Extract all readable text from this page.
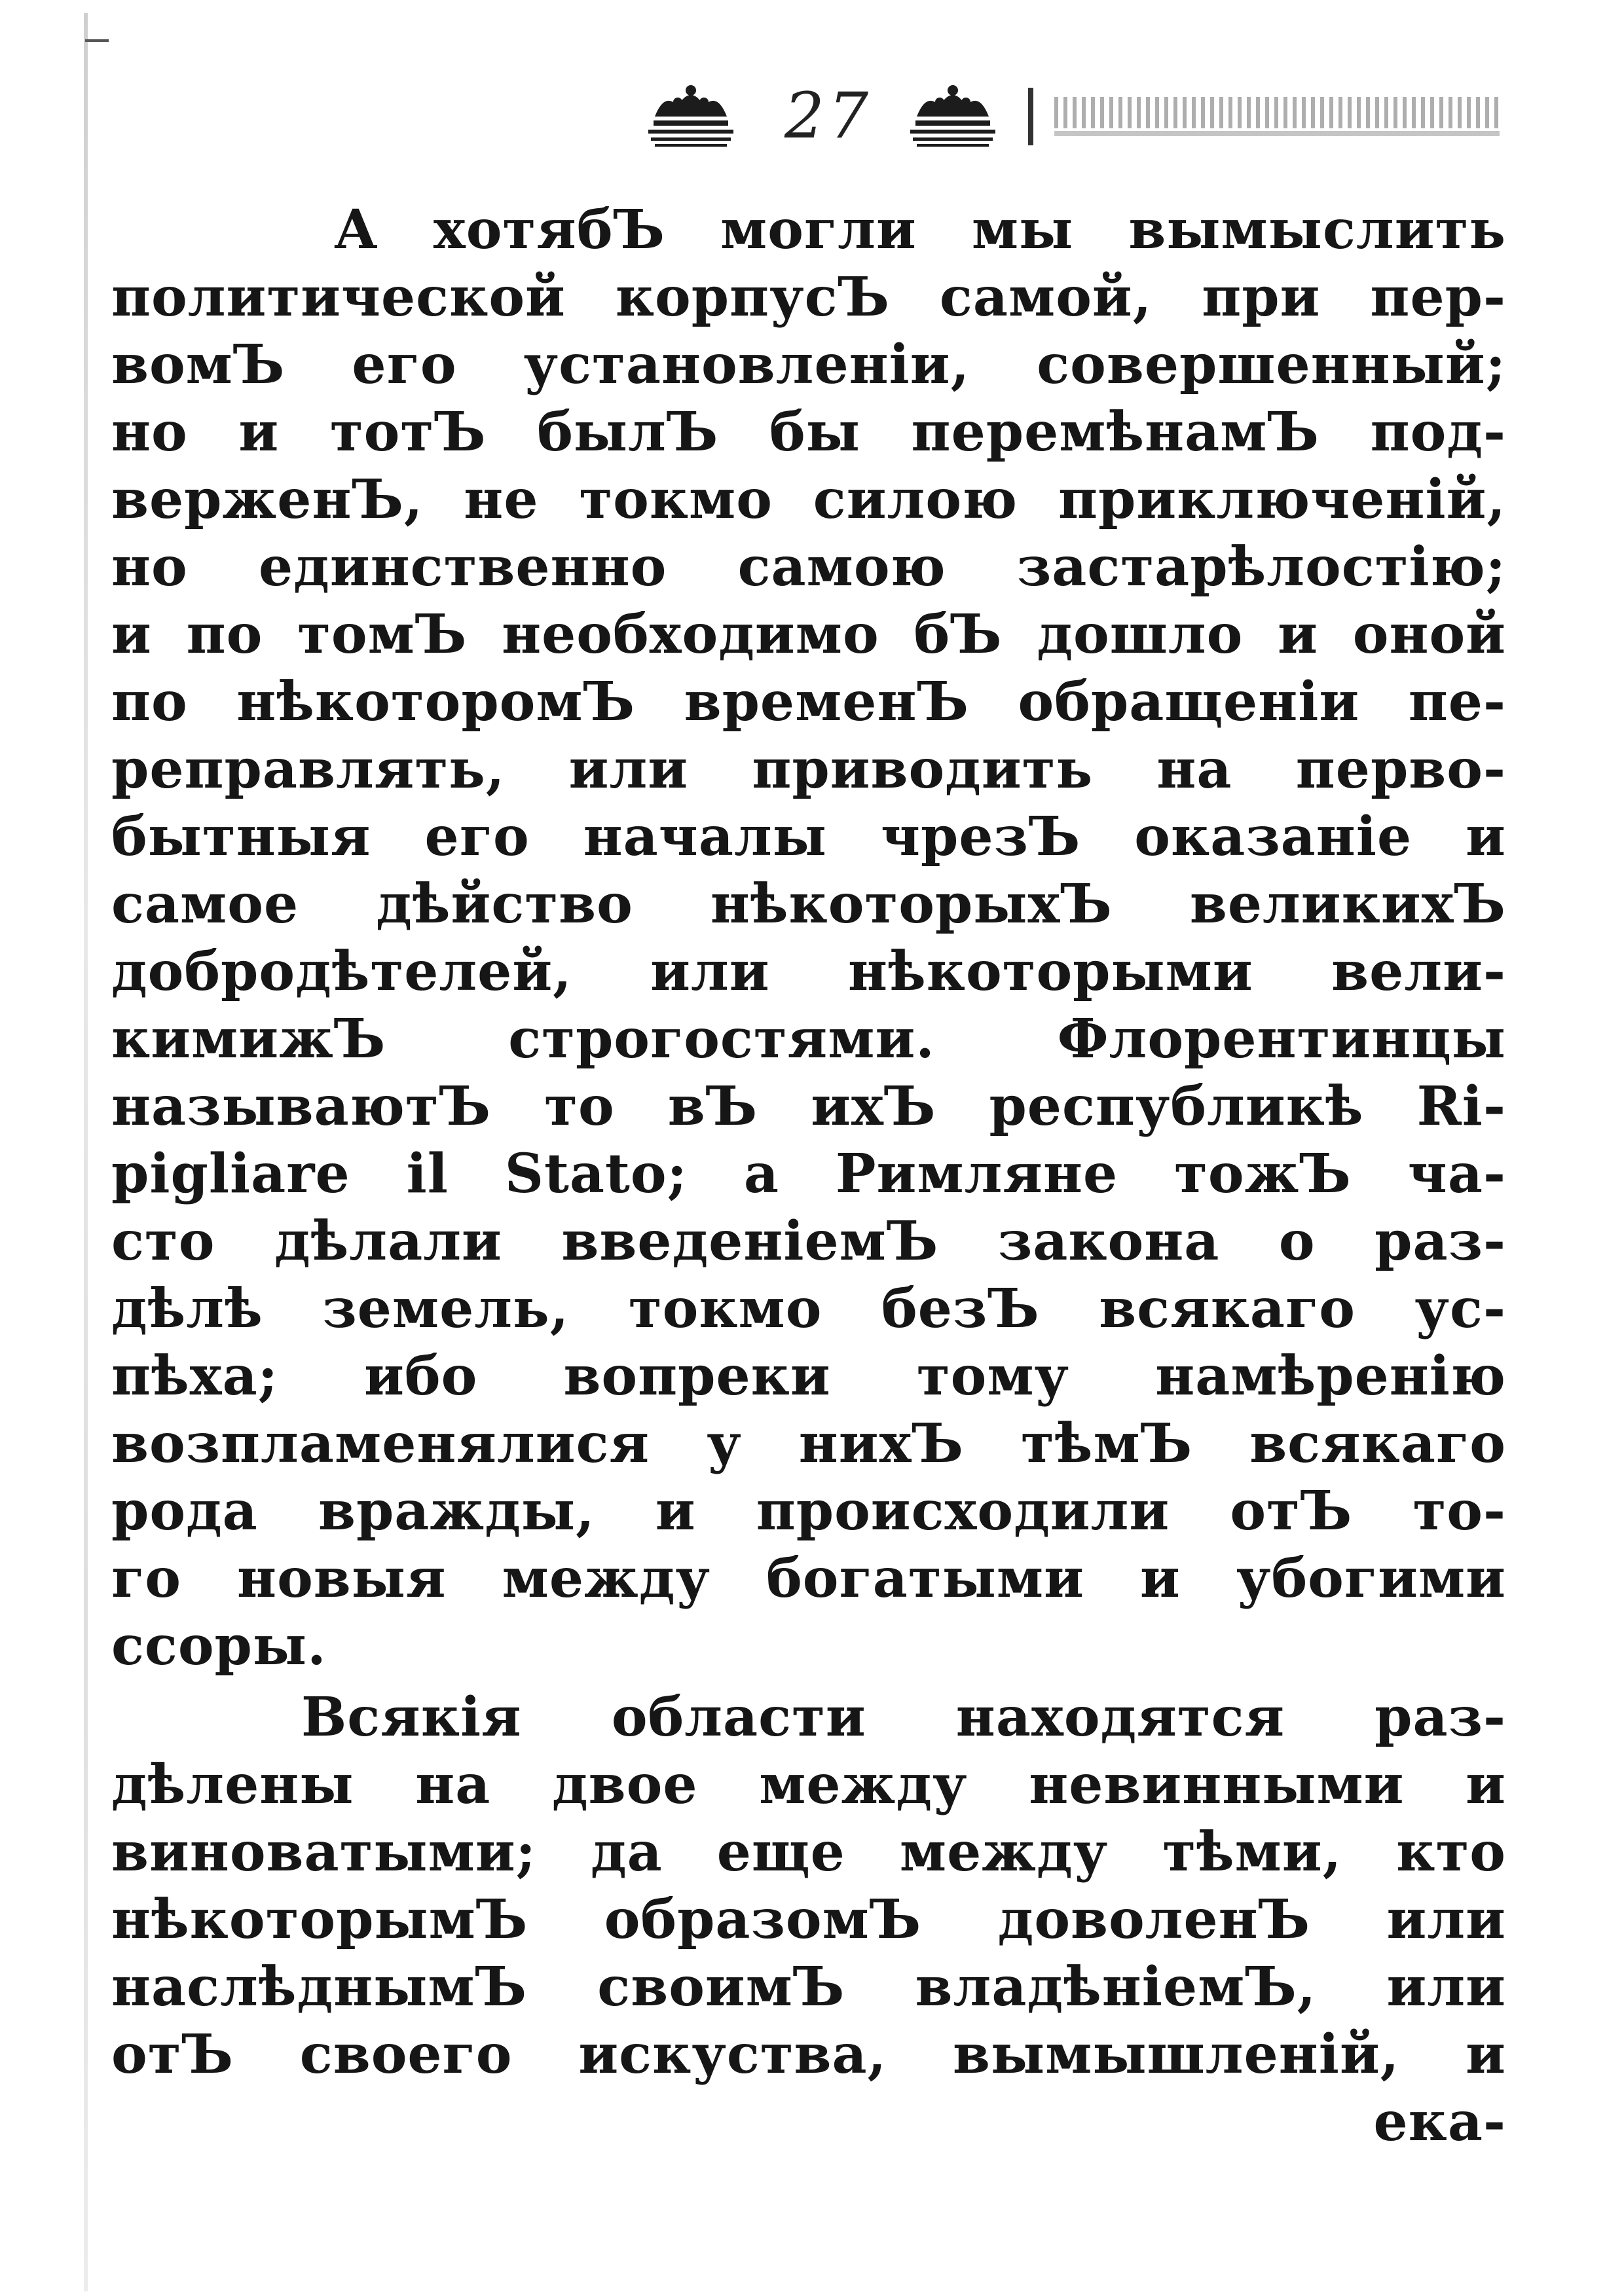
27
А хотябЪ могли мы вымыслить
политической корпусЪ самой, при пер-
вомЪ его установленіи, совершенный;
но и тотЪ былЪ бы перемѣнамЪ под-
верженЪ, не токмо силою приключеній,
но единственно самою застарѣлостію;
и по томЪ необходимо бЪ дошло и оной
по нѣкоторомЪ временЪ обращеніи пе-
реправлять, или приводить на перво-
бытныя его началы чрезЪ оказаніе и
самое дѣйство нѣкоторыхЪ великихЪ
добродѣтелей, или нѣкоторыми вели-
кимижЪ строгостями. Флорентинцы
называютЪ то вЪ ихЪ республикѣ Ri-
pigliare il Stato; а Римляне тожЪ ча-
сто дѣлали введеніемЪ закона о раз-
дѣлѣ земель, токмо безЪ всякаго ус-
пѣха; ибо вопреки тому намѣренію
возпламенялися у нихЪ тѣмЪ всякаго
рода вражды, и происходили отЪ то-
го новыя между богатыми и убогими
ссоры.
Всякія области находятся раз-
дѣлены на двое между невинными и
виноватыми; да еще между тѣми, кто
нѣкоторымЪ образомЪ доволенЪ или
наслѣднымЪ своимЪ владѣніемЪ, или
отЪ своего искуства, вымышленій, и
ека-
